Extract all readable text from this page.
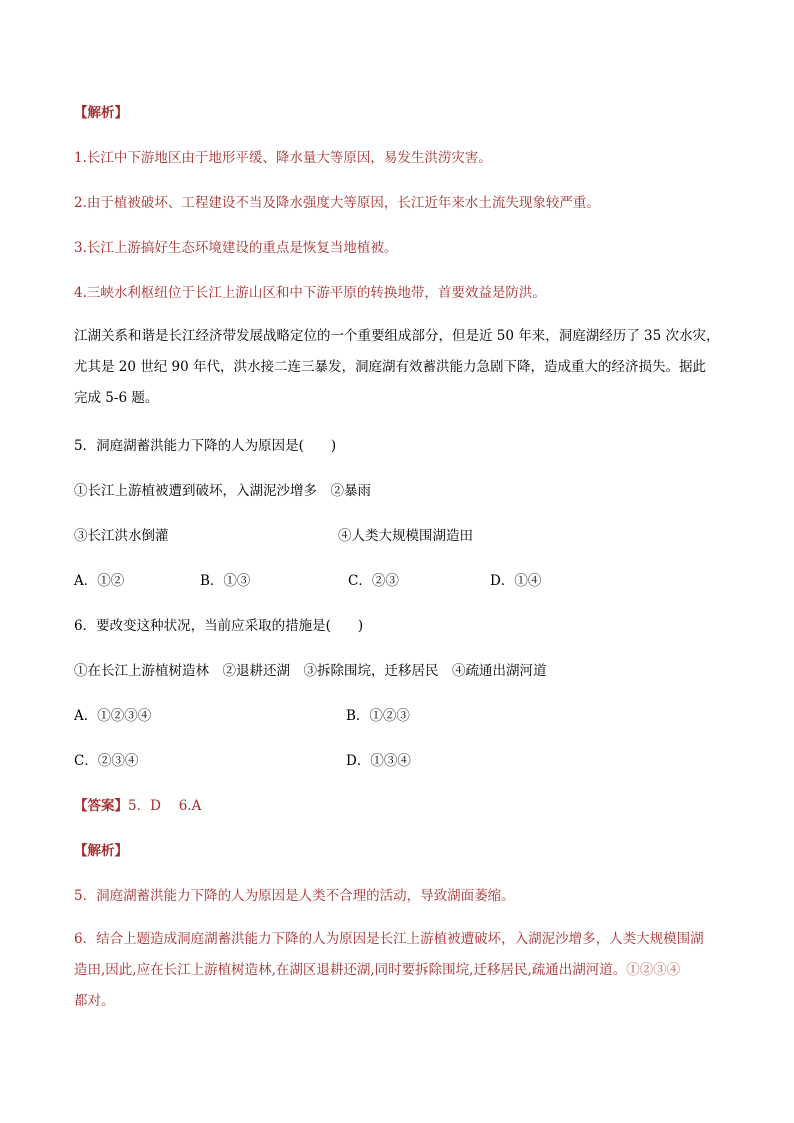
【解析】
1.长江中下游地区由于地形平缓、降水量大等原因，易发生洪涝灾害。
2.由于植被破坏、工程建设不当及降水强度大等原因，长江近年来水土流失现象较严重。
3.长江上游搞好生态环境建设的重点是恢复当地植被。
4.三峡水利枢纽位于长江上游山区和中下游平原的转换地带，首要效益是防洪。
江湖关系和谐是长江经济带发展战略定位的一个重要组成部分，但是近 50 年来，洞庭湖经历了 35 次水灾，
尤其是 20 世纪 90 年代，洪水接二连三暴发，洞庭湖有效蓄洪能力急剧下降，造成重大的经济损失。据此
完成 5-6 题。
5．洞庭湖蓄洪能力下降的人为原因是(　　)
①长江上游植被遭到破坏，入湖泥沙增多　②暴雨
③长江洪水倒灌	④人类大规模围湖造田
A．①②	B．①③	C．②③	D．①④
6．要改变这种状况，当前应采取的措施是(　　)
①在长江上游植树造林　②退耕还湖　③拆除围垸，迁移居民　④疏通出湖河道
A．①②③④	B．①②③
C．②③④	D．①③④
【答案】5．D　 6.A
【解析】
5．洞庭湖蓄洪能力下降的人为原因是人类不合理的活动，导致湖面萎缩。
6．结合上题造成洞庭湖蓄洪能力下降的人为原因是长江上游植被遭破坏，入湖泥沙增多，人类大规模围湖
造田,因此,应在长江上游植树造林,在湖区退耕还湖,同时要拆除围垸,迁移居民,疏通出湖河道。①②③④
都对。
